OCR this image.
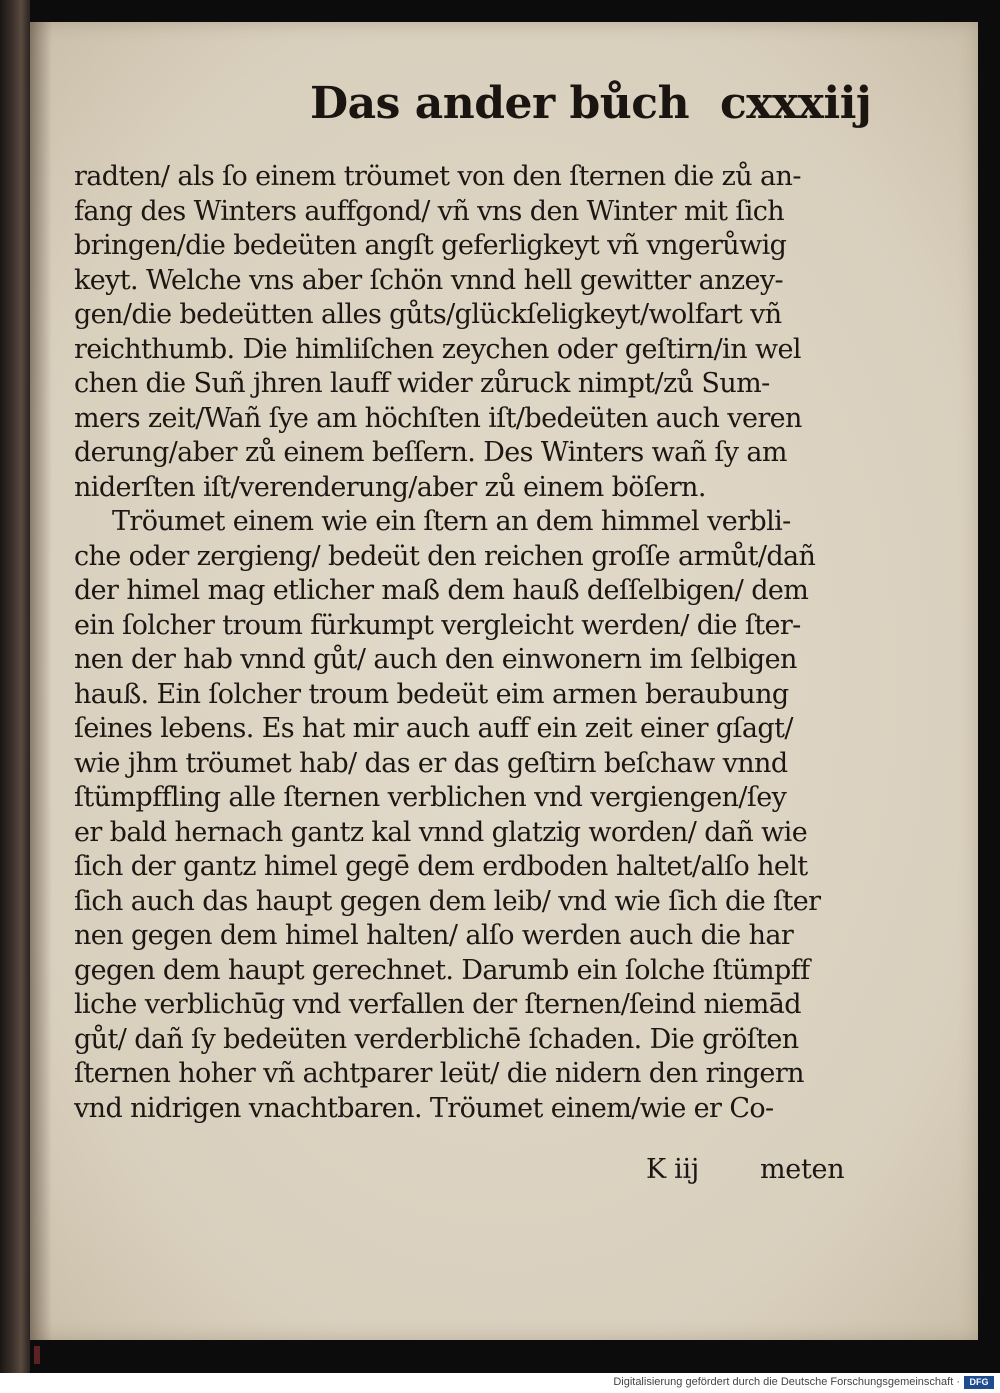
Das ander bůch cxxxiij
radten/ als ſo einem tröumet von den ſternen die zů an-
fang des Winters auffgond/ vñ vns den Winter mit ſich
bringen/die bedeüten angſt geferligkeyt vñ vngerůwig
keyt. Welche vns aber ſchön vnnd hell gewitter anzey-
gen/die bedeütten alles gůts/glückſeligkeyt/wolfart vñ
reichthumb. Die himliſchen zeychen oder geſtirn/in wel
chen die Suñ jhren lauff wider zůruck nimpt/zů Sum-
mers zeit/Wañ ſye am höchſten iſt/bedeüten auch veren
derung/aber zů einem beſſern. Des Winters wañ ſy am
niderſten iſt/verenderung/aber zů einem böſern.
Tröumet einem wie ein ſtern an dem himmel verbli-
che oder zergieng/ bedeüt den reichen groſſe armůt/dañ
der himel mag etlicher maß dem hauß deſſelbigen/ dem
ein ſolcher troum fürkumpt vergleicht werden/ die ſter-
nen der hab vnnd gůt/ auch den einwonern im ſelbigen
hauß. Ein ſolcher troum bedeüt eim armen beraubung
ſeines lebens. Es hat mir auch auff ein zeit einer gſagt/
wie jhm tröumet hab/ das er das geſtirn beſchaw vnnd
ſtümpffling alle ſternen verblichen vnd vergiengen/ſey
er bald hernach gantz kal vnnd glatzig worden/ dañ wie
ſich der gantz himel gegē dem erdboden haltet/alſo helt
ſich auch das haupt gegen dem leib/ vnd wie ſich die ſter
nen gegen dem himel halten/ alſo werden auch die har
gegen dem haupt gerechnet. Darumb ein ſolche ſtümpff
liche verblichūg vnd verfallen der ſternen/ſeind niemād
gůt/ dañ ſy bedeüten verderblichē ſchaden. Die gröſten
ſternen hoher vñ achtparer leüt/ die nidern den ringern
vnd nidrigen vnachtbaren. Tröumet einem/wie er Co-
K iij meten
Digitalisierung gefördert durch die Deutsche Forschungsgemeinschaft ·	DFG
